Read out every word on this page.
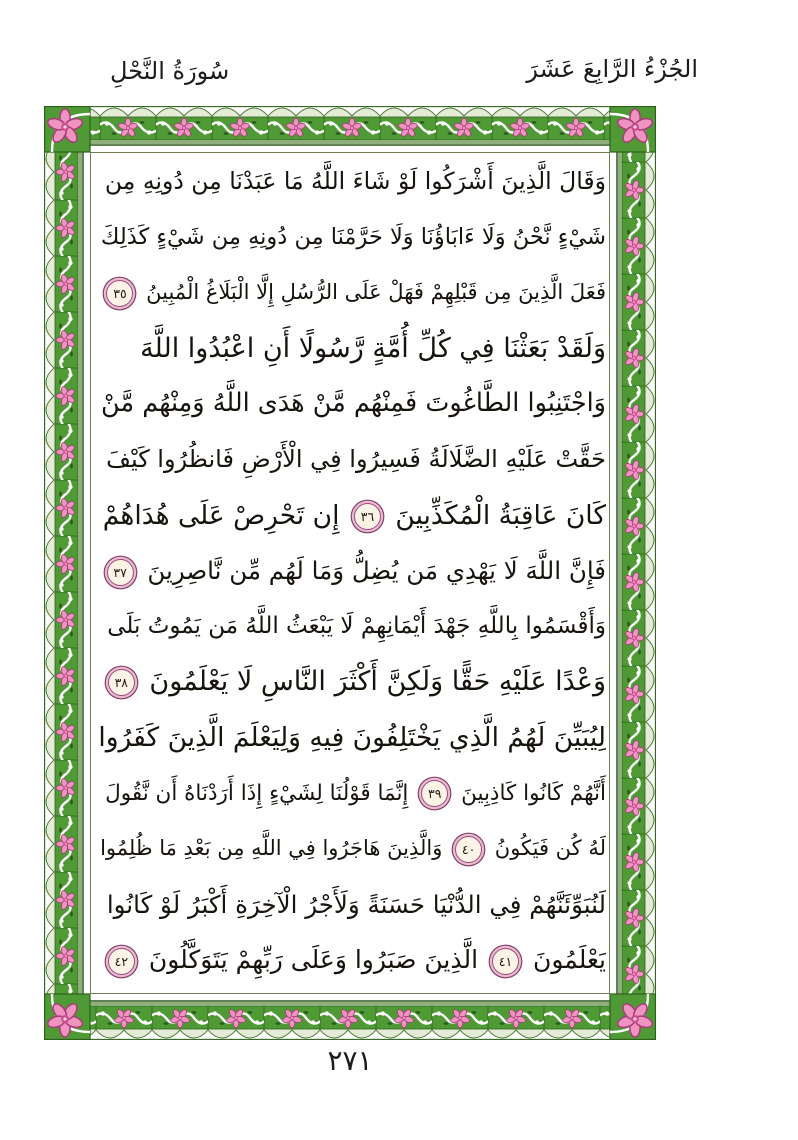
الجُزْءُ الرَّابِعَ عَشَرَ
سُورَةُ النَّحْلِ
وَقَالَ الَّذِينَ أَشْرَكُوا لَوْ شَاءَ اللَّهُ مَا عَبَدْنَا مِن دُونِهِ مِن
شَيْءٍ نَّحْنُ وَلَا ءَابَاؤُنَا وَلَا حَرَّمْنَا مِن دُونِهِ مِن شَيْءٍ كَذَلِكَ
فَعَلَ الَّذِينَ مِن قَبْلِهِمْ فَهَلْ عَلَى الرُّسُلِ إِلَّا الْبَلَاغُ الْمُبِينُ ٣٥
وَلَقَدْ بَعَثْنَا فِي كُلِّ أُمَّةٍ رَّسُولًا أَنِ اعْبُدُوا اللَّهَ
وَاجْتَنِبُوا الطَّاغُوتَ فَمِنْهُم مَّنْ هَدَى اللَّهُ وَمِنْهُم مَّنْ
حَقَّتْ عَلَيْهِ الضَّلَالَةُ فَسِيرُوا فِي الْأَرْضِ فَانظُرُوا كَيْفَ
كَانَ عَاقِبَةُ الْمُكَذِّبِينَ ٣٦ إِن تَحْرِصْ عَلَى هُدَاهُمْ
فَإِنَّ اللَّهَ لَا يَهْدِي مَن يُضِلُّ وَمَا لَهُم مِّن نَّاصِرِينَ ٣٧
وَأَقْسَمُوا بِاللَّهِ جَهْدَ أَيْمَانِهِمْ لَا يَبْعَثُ اللَّهُ مَن يَمُوتُ بَلَى
وَعْدًا عَلَيْهِ حَقًّا وَلَكِنَّ أَكْثَرَ النَّاسِ لَا يَعْلَمُونَ ٣٨
لِيُبَيِّنَ لَهُمُ الَّذِي يَخْتَلِفُونَ فِيهِ وَلِيَعْلَمَ الَّذِينَ كَفَرُوا
أَنَّهُمْ كَانُوا كَاذِبِينَ ٣٩ إِنَّمَا قَوْلُنَا لِشَيْءٍ إِذَا أَرَدْنَاهُ أَن نَّقُولَ
لَهُ كُن فَيَكُونُ ٤٠ وَالَّذِينَ هَاجَرُوا فِي اللَّهِ مِن بَعْدِ مَا ظُلِمُوا
لَنُبَوِّئَنَّهُمْ فِي الدُّنْيَا حَسَنَةً وَلَأَجْرُ الْآخِرَةِ أَكْبَرُ لَوْ كَانُوا
يَعْلَمُونَ ٤١ الَّذِينَ صَبَرُوا وَعَلَى رَبِّهِمْ يَتَوَكَّلُونَ ٤٢
٢٧١
